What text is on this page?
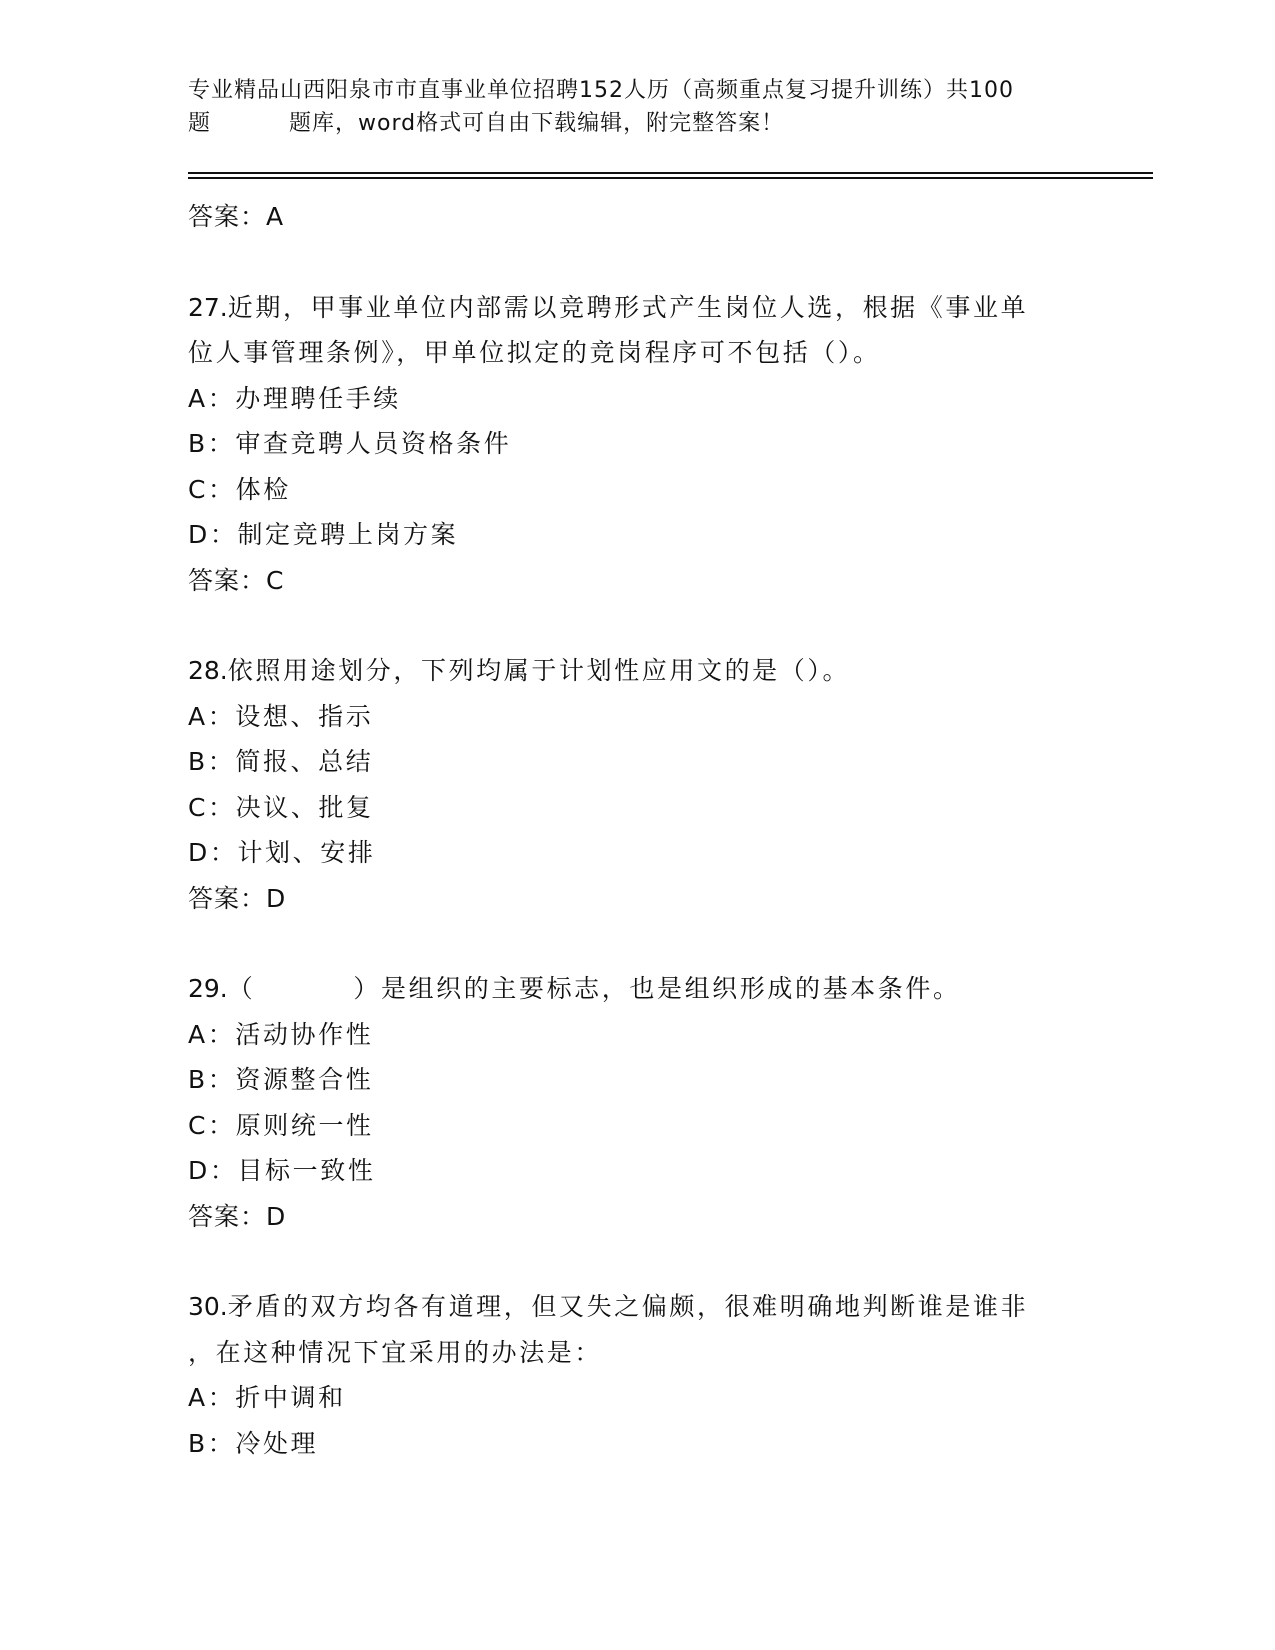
专业精品山西阳泉市市直事业单位招聘152人历（高频重点复习提升训练）共100
题	题库，word格式可自由下载编辑，附完整答案！
答案：A
27.近期，甲事业单位内部需以竞聘形式产生岗位人选，根据《事业单
位人事管理条例》，甲单位拟定的竞岗程序可不包括（）。
A：办理聘任手续
B：审查竞聘人员资格条件
C：体检
D：制定竞聘上岗方案
答案：C
28.依照用途划分，下列均属于计划性应用文的是（）。
A：设想、指示
B：简报、总结
C：决议、批复
D：计划、安排
答案：D
29.（	）是组织的主要标志，也是组织形成的基本条件。
A：活动协作性
B：资源整合性
C：原则统一性
D：目标一致性
答案：D
30.矛盾的双方均各有道理，但又失之偏颇，很难明确地判断谁是谁非
，在这种情况下宜采用的办法是：
A：折中调和
B：冷处理
